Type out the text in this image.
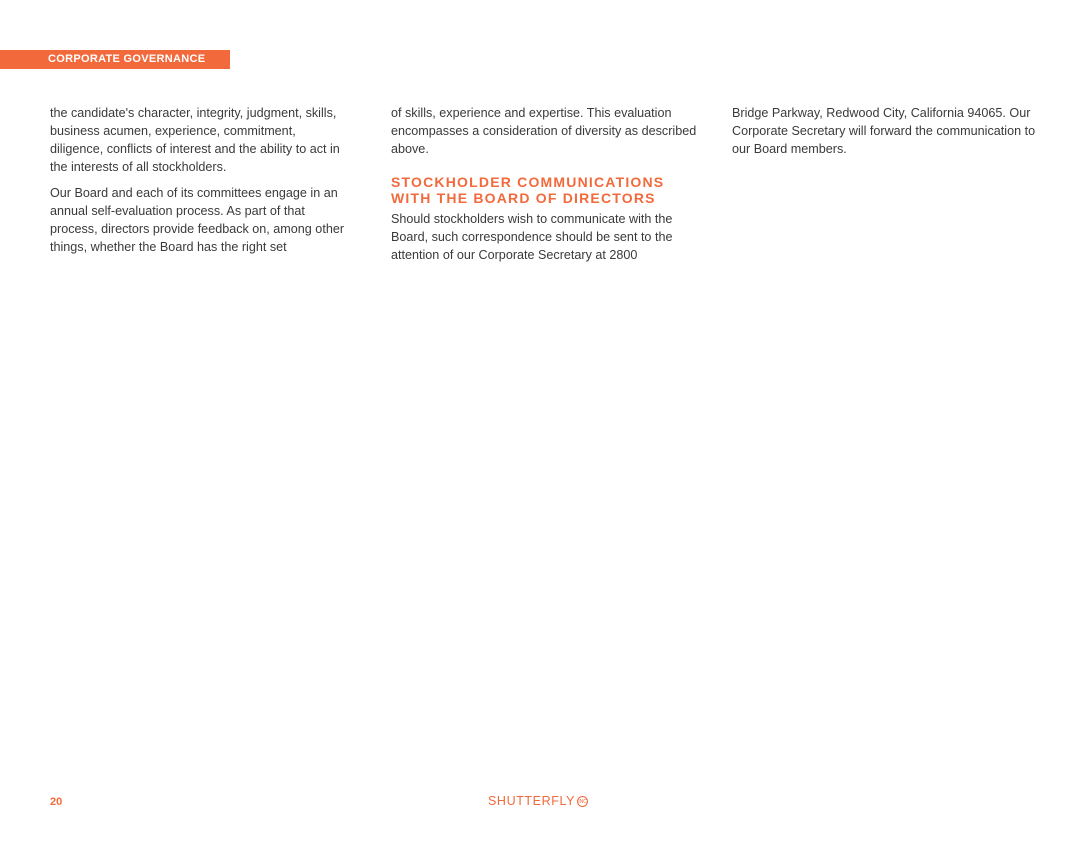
CORPORATE GOVERNANCE

the candidate's character, integrity, judgment, skills, business acumen, experience, commitment, diligence, conflicts of interest and the ability to act in the interests of all stockholders.

Our Board and each of its committees engage in an annual self-evaluation process. As part of that process, directors provide feedback on, among other things, whether the Board has the right set

of skills, experience and expertise. This evaluation encompasses a consideration of diversity as described above.

STOCKHOLDER COMMUNICATIONS WITH THE BOARD OF DIRECTORS

Should stockholders wish to communicate with the Board, such correspondence should be sent to the attention of our Corporate Secretary at 2800

Bridge Parkway, Redwood City, California 94065. Our Corporate Secretary will forward the communication to our Board members.

20	SHUTTERFLY INC
